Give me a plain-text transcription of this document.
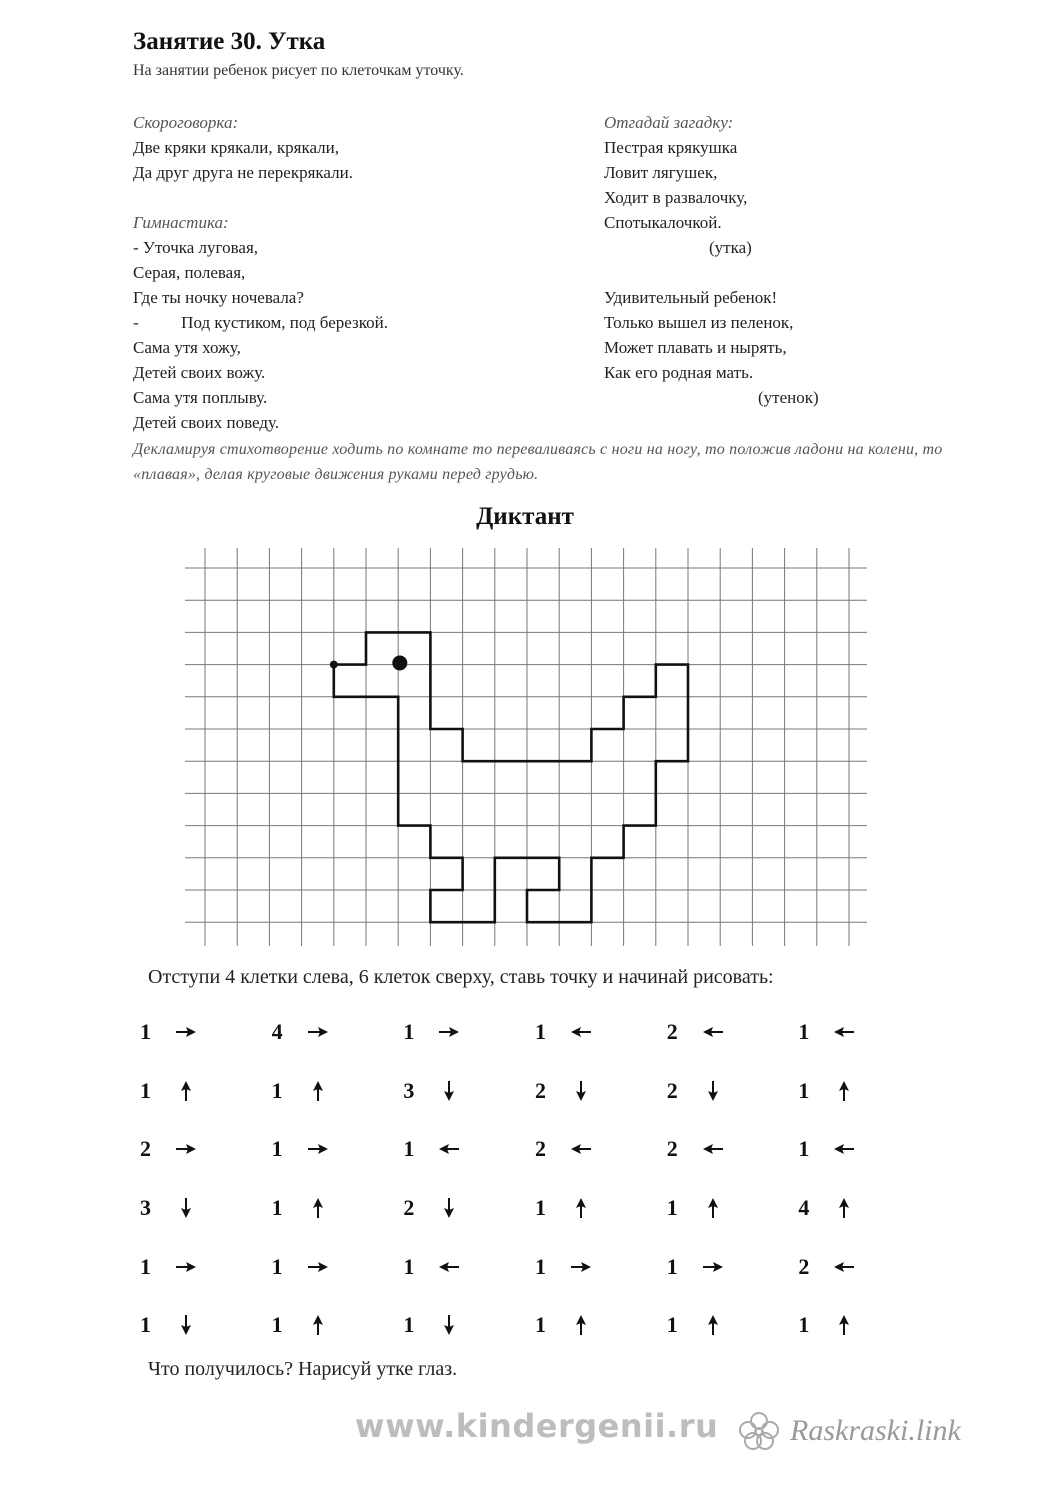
Занятие 30. Утка
На занятии ребенок рисует по клеточкам уточку.
Скороговорка:
Две кряки крякали, крякали,
Да друг друга не перекрякали.
Гимнастика:
- Уточка луговая,
Серая, полевая,
Где ты ночку ночевала?
-          Под кустиком, под березкой.
Сама утя хожу,
Детей своих вожу.
Сама утя поплыву.
Детей своих поведу.
Отгадай загадку:
Пестрая крякушка
Ловит лягушек,
Ходит в развалочку,
Спотыкалочкой.
(утка)
Удивительный ребенок!
Только вышел из пеленок,
Может плавать и нырять,
Как его родная мать.
(утенок)
Декламируя стихотворение ходить по комнате то переваливаясь с ноги на ногу, то положив ладони на колени, то «плавая», делая круговые движения руками перед грудью.
Диктант
Отступи 4 клетки слева, 6 клеток сверху, ставь точку и начинай рисовать:
1	4	1	1	2	1
1	1	3	2	2	1
2	1	1	2	2	1
3	1	2	1	1	4
1	1	1	1	1	2
1	1	1	1	1	1
Что получилось? Нарисуй утке глаз.
www.kindergenii.ru Raskraski.link
